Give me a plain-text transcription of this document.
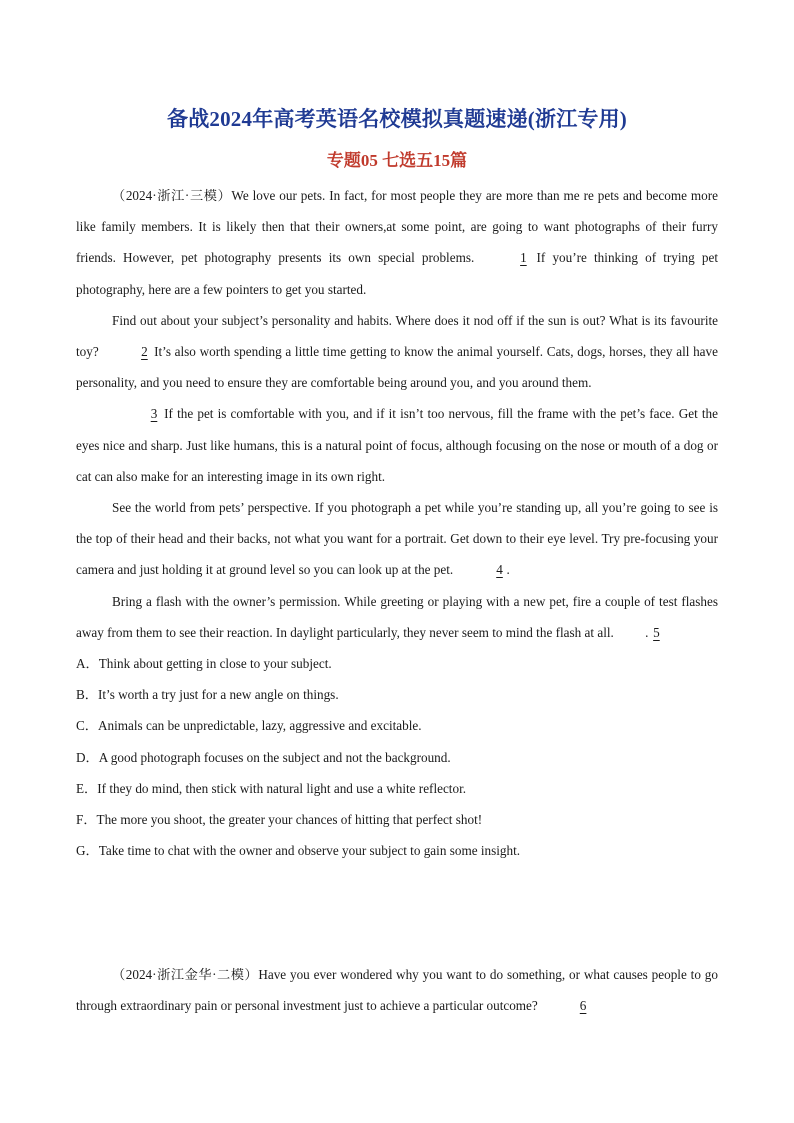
备战2024年高考英语名校模拟真题速递(浙江专用)
专题05 七选五15篇

（2024·浙江·三模）We love our pets. In fact, for most people they are more than me re pets and become more like family members. It is likely then that their owners,at some point, are going to want photographs of their furry friends. However, pet photography presents its own special problems.	1 If you’re thinking of trying pet photography, here are a few pointers to get you started.

Find out about your subject’s personality and habits. Where does it nod off if the sun is out? What is its favourite toy?	2 It’s also worth spending a little time getting to know the animal yourself. Cats, dogs, horses, they all have personality, and you need to ensure they are comfortable being around you, and you around them.

3 If the pet is comfortable with you, and if it isn’t too nervous, fill the frame with the pet’s face. Get the eyes nice and sharp. Just like humans, this is a natural point of focus, although focusing on the nose or mouth of a dog or cat can also make for an interesting image in its own right.

See the world from pets’ perspective. If you photograph a pet while you’re standing up, all you’re going to see is the top of their head and their backs, not what you want for a portrait. Get down to their eye level. Try pre-focusing your camera and just holding it at ground level so you can look up at the pet.	4 .

Bring a flash with the owner’s permission. While greeting or playing with a new pet, fire a couple of test flashes away from them to see their reaction. In daylight particularly, they never seem to mind the flash at all.	5.

A．Think about getting in close to your subject.

B．It’s worth a try just for a new angle on things.

C．Animals can be unpredictable, lazy, aggressive and excitable.

D．A good photograph focuses on the subject and not the background.

E．If they do mind, then stick with natural light and use a white reflector.

F．The more you shoot, the greater your chances of hitting that perfect shot!

G．Take time to chat with the owner and observe your subject to gain some insight.

（2024·浙江金华·二模）Have you ever wondered why you want to do something, or what causes people to go through extraordinary pain or personal investment just to achieve a particular outcome?	6
